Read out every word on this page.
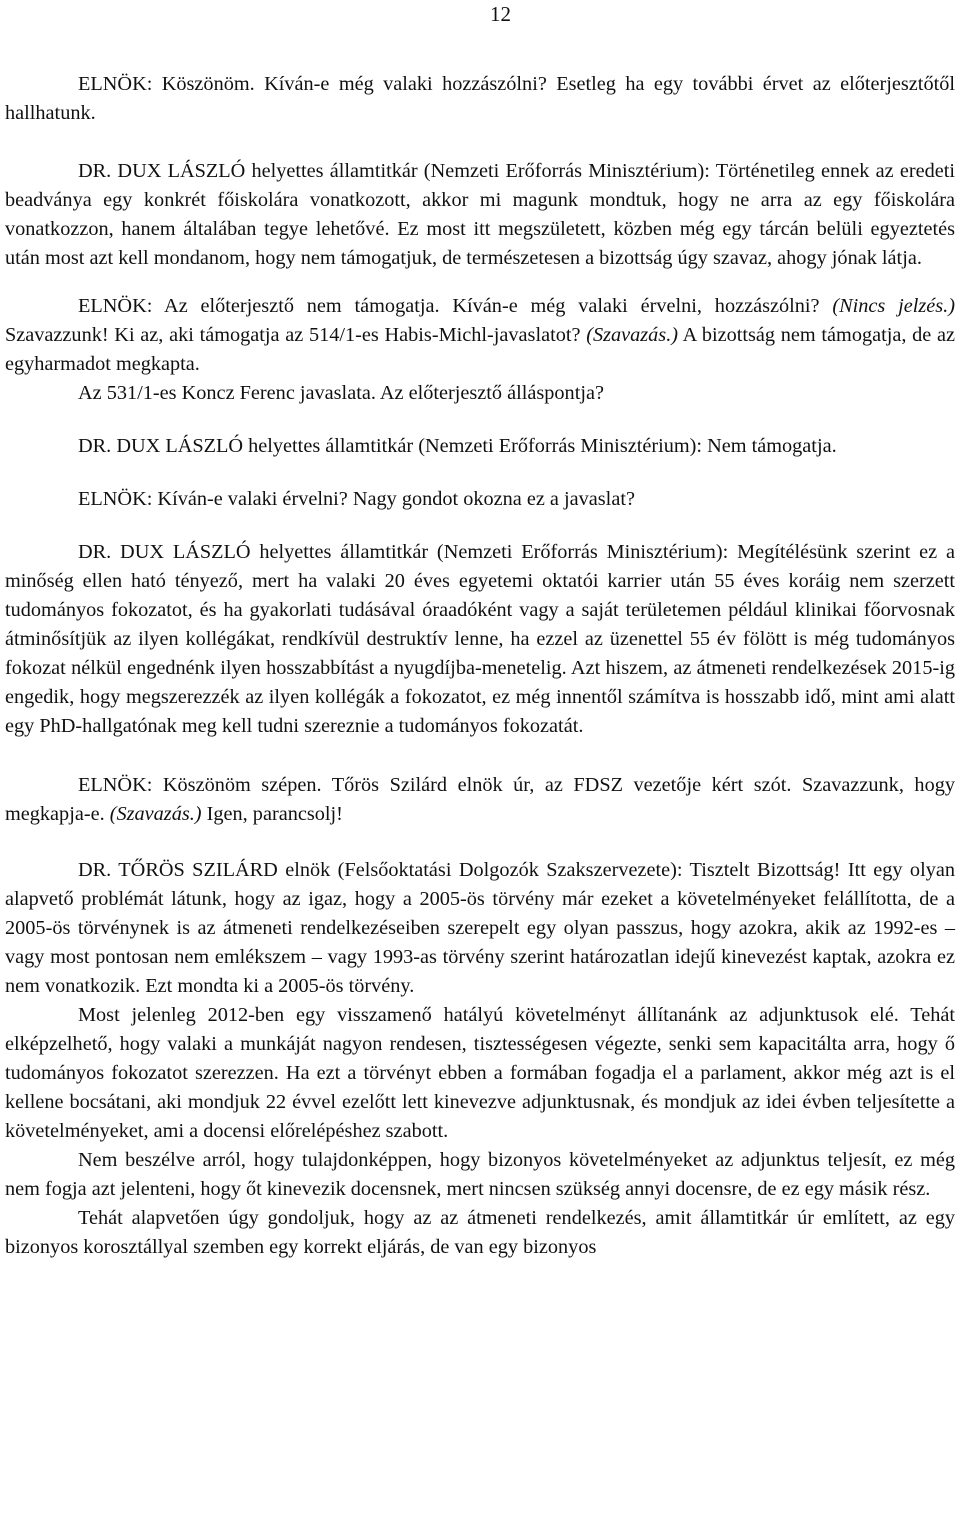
12

ELNÖK: Köszönöm. Kíván-e még valaki hozzászólni? Esetleg ha egy további érvet az előterjesztőtől hallhatunk.

DR. DUX LÁSZLÓ helyettes államtitkár (Nemzeti Erőforrás Minisztérium): Történetileg ennek az eredeti beadványa egy konkrét főiskolára vonatkozott, akkor mi magunk mondtuk, hogy ne arra az egy főiskolára vonatkozzon, hanem általában tegye lehetővé. Ez most itt megszületett, közben még egy tárcán belüli egyeztetés után most azt kell mondanom, hogy nem támogatjuk, de természetesen a bizottság úgy szavaz, ahogy jónak látja.

ELNÖK: Az előterjesztő nem támogatja. Kíván-e még valaki érvelni, hozzászólni? (Nincs jelzés.) Szavazzunk! Ki az, aki támogatja az 514/1-es Habis-Michl-javaslatot? (Szavazás.) A bizottság nem támogatja, de az egyharmadot megkapta.

Az 531/1-es Koncz Ferenc javaslata. Az előterjesztő álláspontja?

DR. DUX LÁSZLÓ helyettes államtitkár (Nemzeti Erőforrás Minisztérium): Nem támogatja.

ELNÖK: Kíván-e valaki érvelni? Nagy gondot okozna ez a javaslat?

DR. DUX LÁSZLÓ helyettes államtitkár (Nemzeti Erőforrás Minisztérium): Megítélésünk szerint ez a minőség ellen ható tényező, mert ha valaki 20 éves egyetemi oktatói karrier után 55 éves koráig nem szerzett tudományos fokozatot, és ha gyakorlati tudásával óraadóként vagy a saját területemen például klinikai főorvosnak átminősítjük az ilyen kollégákat, rendkívül destruktív lenne, ha ezzel az üzenettel 55 év fölött is még tudományos fokozat nélkül engednénk ilyen hosszabbítást a nyugdíjba-menetelig. Azt hiszem, az átmeneti rendelkezések 2015-ig engedik, hogy megszerezzék az ilyen kollégák a fokozatot, ez még innentől számítva is hosszabb idő, mint ami alatt egy PhD-hallgatónak meg kell tudni szereznie a tudományos fokozatát.

ELNÖK: Köszönöm szépen. Tőrös Szilárd elnök úr, az FDSZ vezetője kért szót. Szavazzunk, hogy megkapja-e. (Szavazás.) Igen, parancsolj!

DR. TŐRÖS SZILÁRD elnök (Felsőoktatási Dolgozók Szakszervezete): Tisztelt Bizottság! Itt egy olyan alapvető problémát látunk, hogy az igaz, hogy a 2005-ös törvény már ezeket a követelményeket felállította, de a 2005-ös törvénynek is az átmeneti rendelkezéseiben szerepelt egy olyan passzus, hogy azokra, akik az 1992-es – vagy most pontosan nem emlékszem – vagy 1993-as törvény szerint határozatlan idejű kinevezést kaptak, azokra ez nem vonatkozik. Ezt mondta ki a 2005-ös törvény.

Most jelenleg 2012-ben egy visszamenő hatályú követelményt állítanánk az adjunktusok elé. Tehát elképzelhető, hogy valaki a munkáját nagyon rendesen, tisztességesen végezte, senki sem kapacitálta arra, hogy ő tudományos fokozatot szerezzen. Ha ezt a törvényt ebben a formában fogadja el a parlament, akkor még azt is el kellene bocsátani, aki mondjuk 22 évvel ezelőtt lett kinevezve adjunktusnak, és mondjuk az idei évben teljesítette a követelményeket, ami a docensi előrelépéshez szabott.

Nem beszélve arról, hogy tulajdonképpen, hogy bizonyos követelményeket az adjunktus teljesít, ez még nem fogja azt jelenteni, hogy őt kinevezik docensnek, mert nincsen szükség annyi docensre, de ez egy másik rész.

Tehát alapvetően úgy gondoljuk, hogy az az átmeneti rendelkezés, amit államtitkár úr említett, az egy bizonyos korosztállyal szemben egy korrekt eljárás, de van egy bizonyos
